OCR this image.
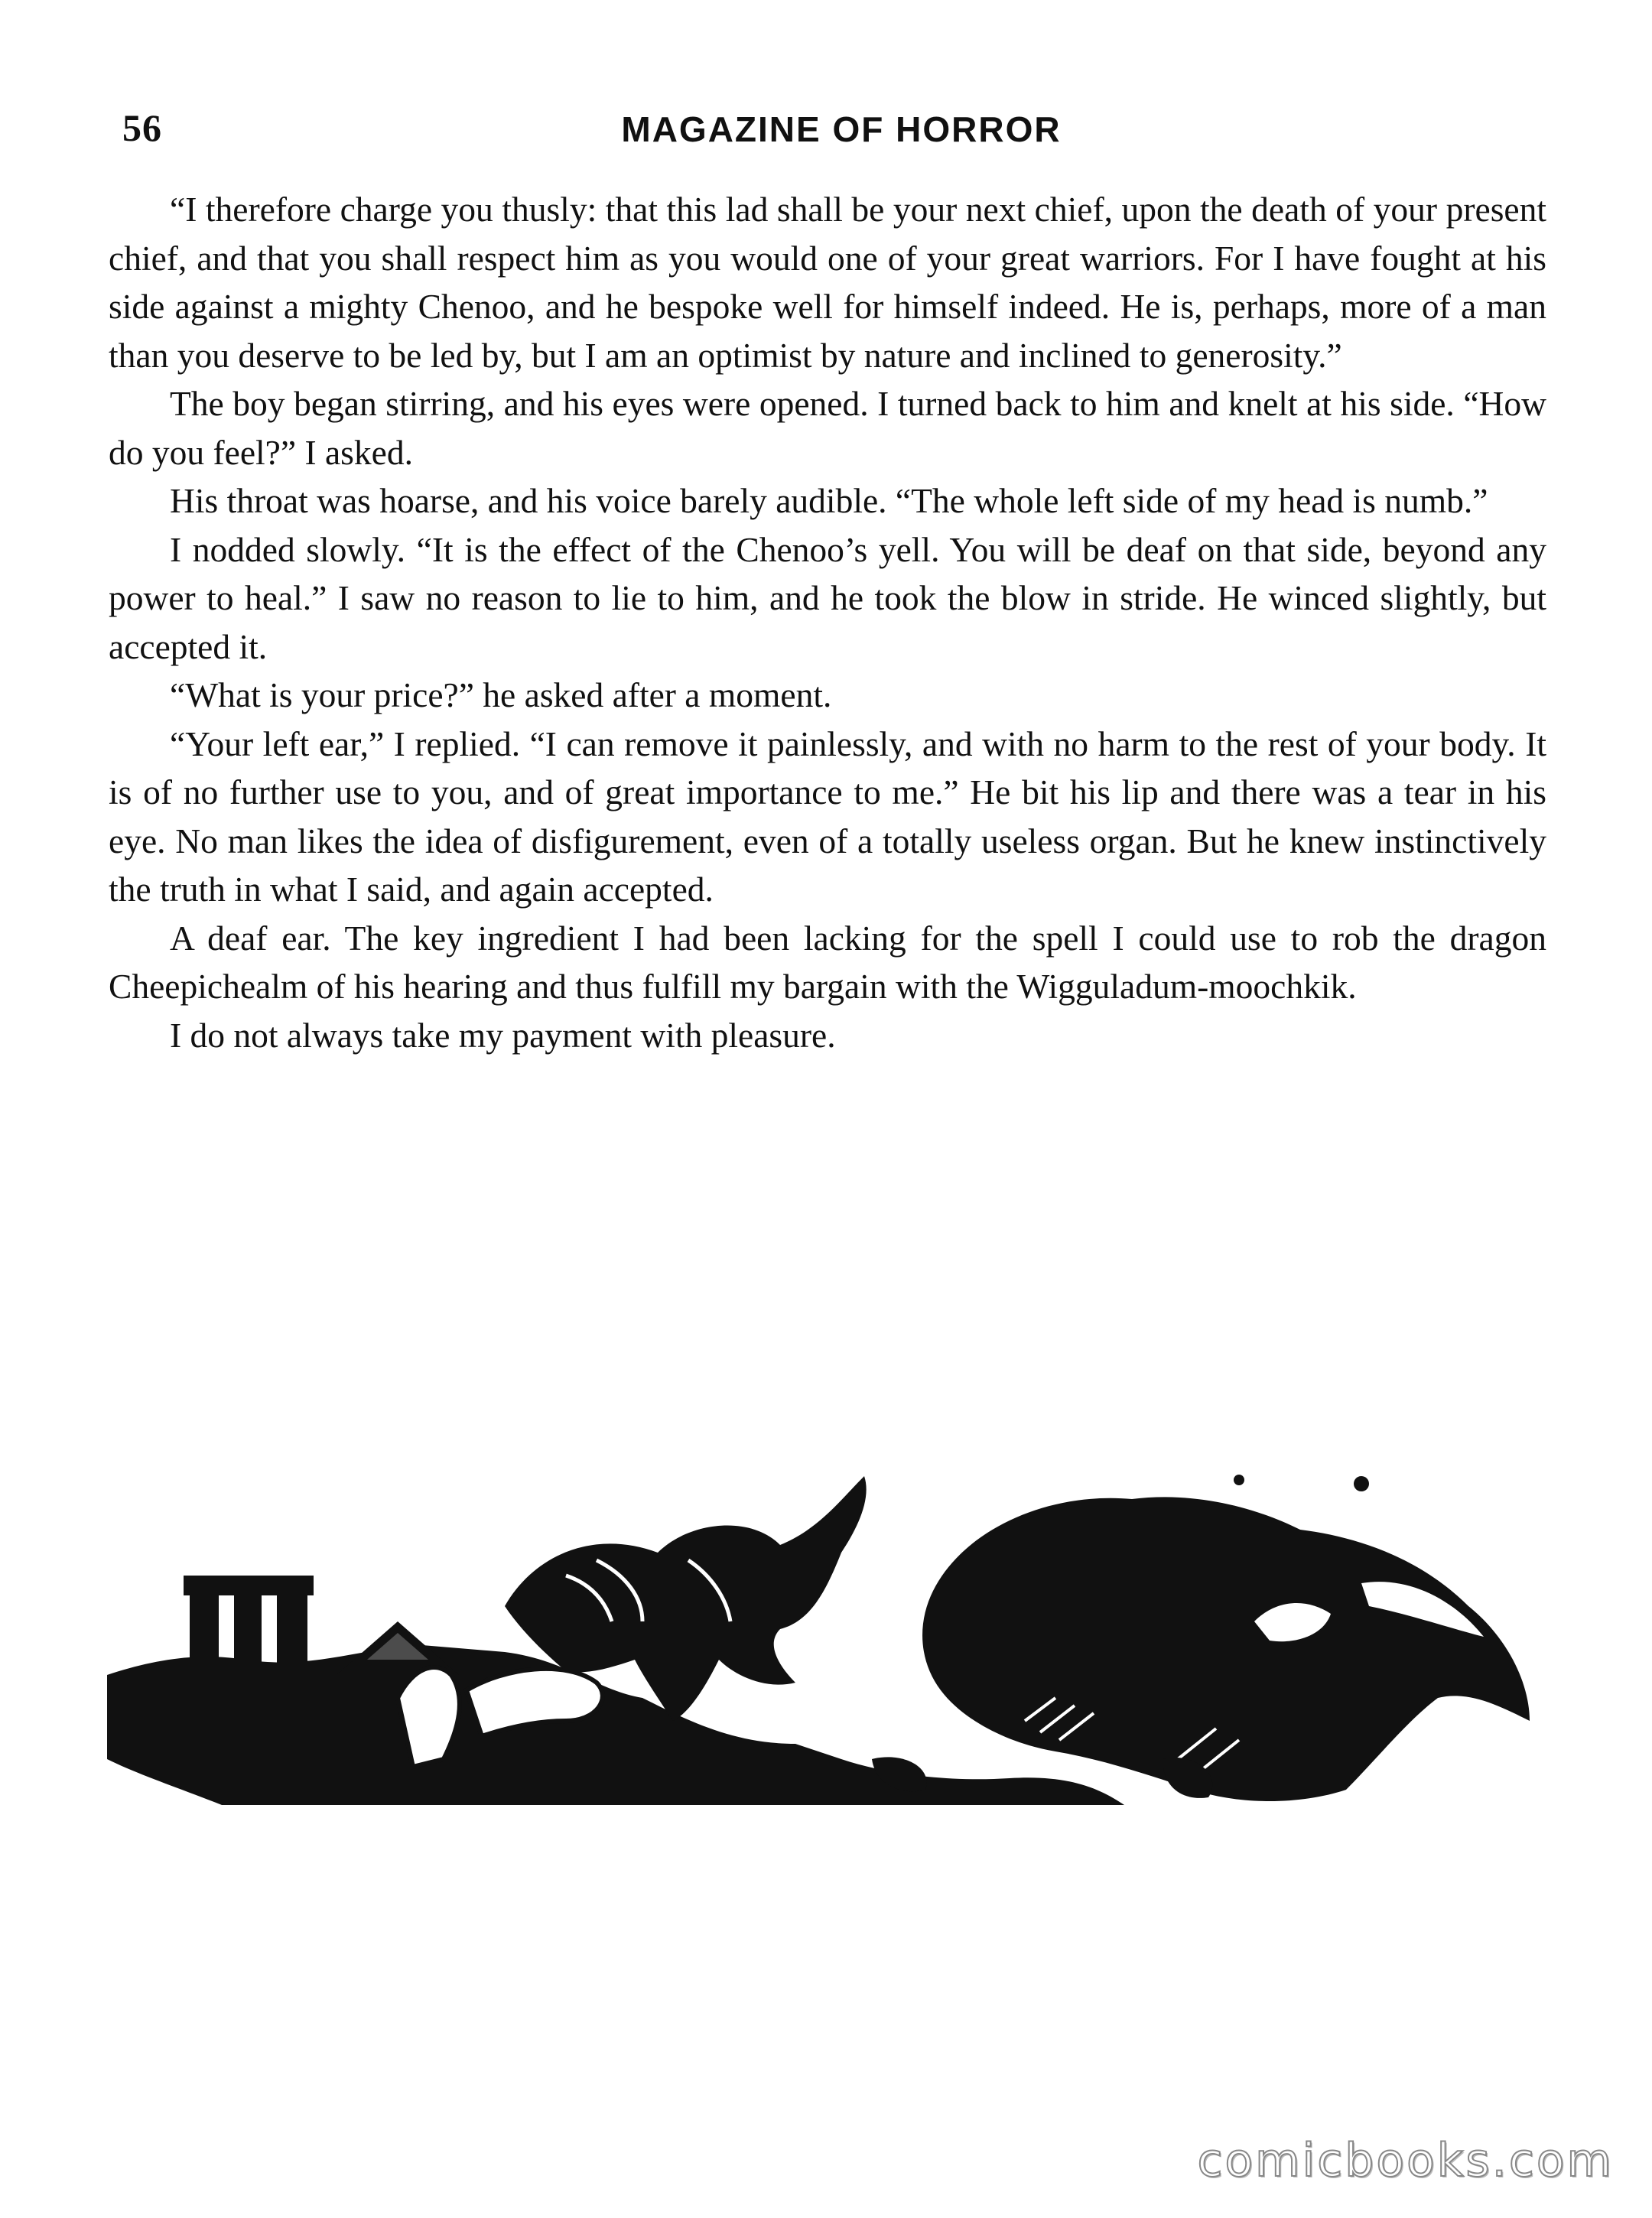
56	MAGAZINE OF HORROR

“I therefore charge you thusly: that this lad shall be your next chief, upon the death of your present chief, and that you shall respect him as you would one of your great warriors. For I have fought at his side against a mighty Chenoo, and he bespoke well for himself indeed. He is, perhaps, more of a man than you deserve to be led by, but I am an optimist by nature and inclined to generosity.”

The boy began stirring, and his eyes were opened. I turned back to him and knelt at his side. “How do you feel?” I asked.

His throat was hoarse, and his voice barely audible. “The whole left side of my head is numb.”

I nodded slowly. “It is the effect of the Chenoo’s yell. You will be deaf on that side, beyond any power to heal.” I saw no reason to lie to him, and he took the blow in stride. He winced slightly, but accepted it.

“What is your price?” he asked after a moment.

“Your left ear,” I replied. “I can remove it painlessly, and with no harm to the rest of your body. It is of no further use to you, and of great importance to me.” He bit his lip and there was a tear in his eye. No man likes the idea of disfigurement, even of a totally useless organ. But he knew instinctively the truth in what I said, and again accepted.

A deaf ear. The key ingredient I had been lacking for the spell I could use to rob the dragon Cheepichealm of his hearing and thus fulfill my bargain with the Wigguladum-moochkik.

I do not always take my payment with pleasure.

comicbooks.com
